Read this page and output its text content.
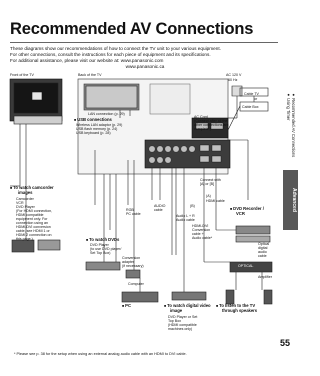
Recommended AV Connections
These diagrams show our recommendations of how to connect the TV unit to your various equipment.
For other connections, consult the instructions for each piece of equipment and its specifications.
For additional assistance, please visit our website at: www.panasonic.com
www.panasonic.ca
Front of the TV	Back of the TV	AC 120 V
60 Hz
Cable TV
or
Cable Box
AC Cord
(Connect after all the
other connections are
complete.)
LAN connection (p. 29)
■ USB connections
Wireless LAN adaptor (p. 29)
USB flash memory (p. 24)
USB keyboard (p. 28)
■ To watch camcorder
images
Camcorder
VCR
DVD Player
(For HDMI connection,
HDMI compatible
equipment only. For
connection using an
HDMI-DVI conversion
cable, see HDMI 1 or
HDMI 2 connection on
this page.)
RGB
PC cable
■ To watch DVDs
DVD Player
(to use DVD player/
Set Top Box)
Conversion
adapter
(if necessary)
Computer
■ PC
AUDIO
cable
Audio L + R
Audio cable
Connect with
[A] or [B]
(A)
(B)
HDMI cable
HDMI-DVI
Conversion
cable +
Audio cable*
■ DVD Recorder /
VCR
Optical
digital
audio
cable
OPTICAL
Amplifier
■ To watch digital video
image
DVD Player or Set
Top Box
(HDMI compatible
machines only)
■ To listen to the TV
through speakers
● Recommended AV Connections
● Using Timer
Advanced
* Please see p. 38 for the setup when using an external analog audio cable with an HDMI to DVI cable.
55
